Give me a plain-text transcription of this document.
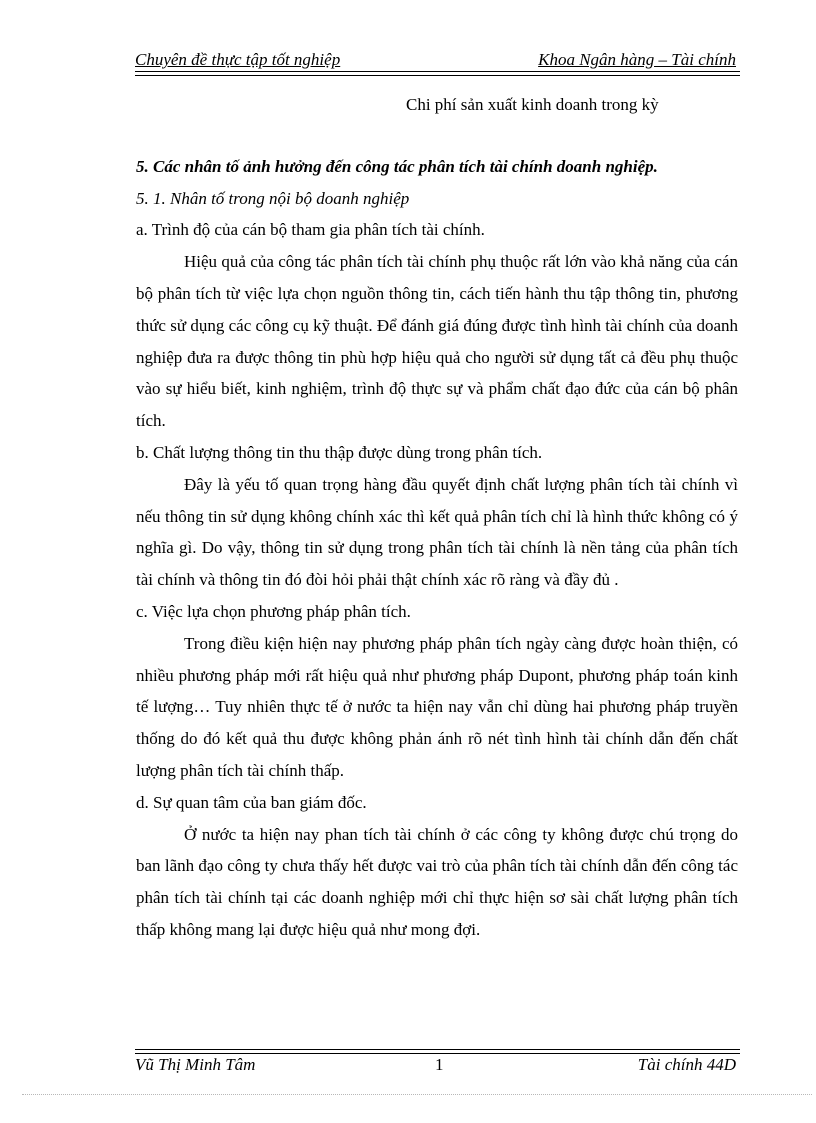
Chuyên đề thực tập tốt nghiệp	Khoa Ngân hàng – Tài chính

Chi phí sản xuất kinh doanh trong kỳ

5. Các nhân tố ảnh hưởng đến công tác phân tích tài chính doanh nghiệp.

5. 1. Nhân tố trong nội bộ doanh nghiệp

a. Trình độ của cán bộ tham gia phân tích tài chính.

Hiệu quả của công tác phân tích tài chính phụ thuộc rất lớn vào khả năng của cán bộ phân tích từ việc lựa chọn nguồn thông tin, cách tiến hành thu tập thông tin, phương thức sử dụng các công cụ kỹ thuật. Để đánh giá đúng được tình hình tài chính của doanh nghiệp đưa ra được thông tin phù hợp hiệu quả cho người sử dụng tất cả đều phụ thuộc vào sự hiểu biết, kinh nghiệm, trình độ thực sự và phẩm chất đạo đức của cán bộ phân tích.

b. Chất lượng thông tin thu thập được dùng trong phân tích.

Đây là yếu tố quan trọng hàng đầu quyết định chất lượng phân tích tài chính vì nếu thông tin sử dụng không chính xác thì kết quả phân tích chỉ là hình thức không có ý nghĩa gì. Do vậy, thông tin sử dụng trong phân tích tài chính là nền tảng của phân tích tài chính và thông tin đó đòi hỏi phải thật chính xác rõ ràng và đầy đủ .

c. Việc lựa chọn phương pháp phân tích.

Trong điều kiện hiện nay phương pháp phân tích ngày càng được hoàn thiện, có nhiều phương pháp mới rất hiệu quả như phương pháp Dupont, phương pháp toán kinh tế lượng… Tuy nhiên thực tế ở nước ta hiện nay vẫn chỉ dùng hai phương pháp truyền thống do đó kết quả thu được không phản ánh rõ nét tình hình tài chính dẫn đến chất lượng phân tích tài chính thấp.

d. Sự quan tâm của ban giám đốc.

Ở nước ta hiện nay phan tích tài chính ở các công ty không được chú trọng do ban lãnh đạo công ty chưa thấy hết được vai trò của phân tích tài chính dẫn đến công tác phân tích tài chính tại các doanh nghiệp mới chỉ thực hiện sơ sài chất lượng phân tích thấp không mang lại được hiệu quả như mong đợi.

Vũ Thị Minh Tâm	1	Tài chính 44D
